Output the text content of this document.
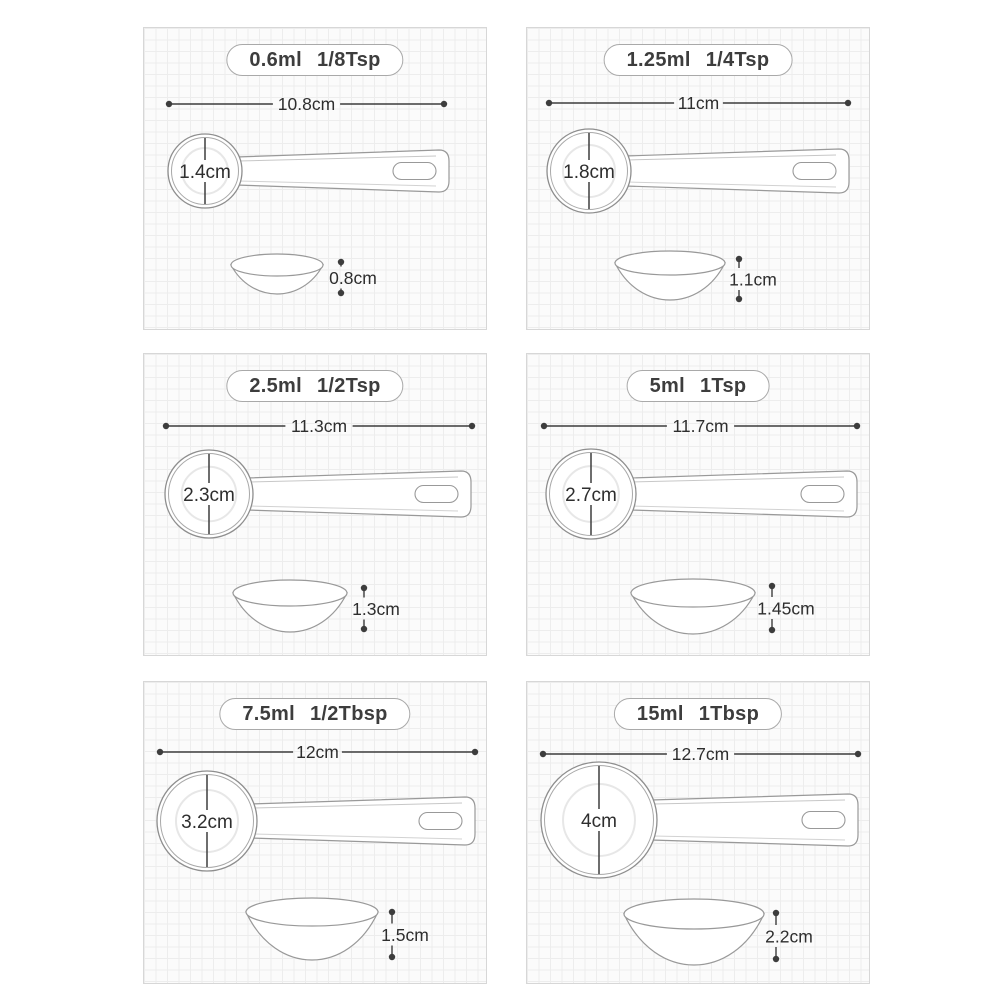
0.6ml 1/8Tsp
1.4cm
10.8cm
0.8cm
1.25ml 1/4Tsp
1.8cm
11cm
1.1cm
2.5ml 1/2Tsp
2.3cm
11.3cm
1.3cm
5ml 1Tsp
2.7cm
11.7cm
1.45cm
7.5ml 1/2Tbsp
3.2cm
12cm
1.5cm
15ml 1Tbsp
4cm
12.7cm
2.2cm
